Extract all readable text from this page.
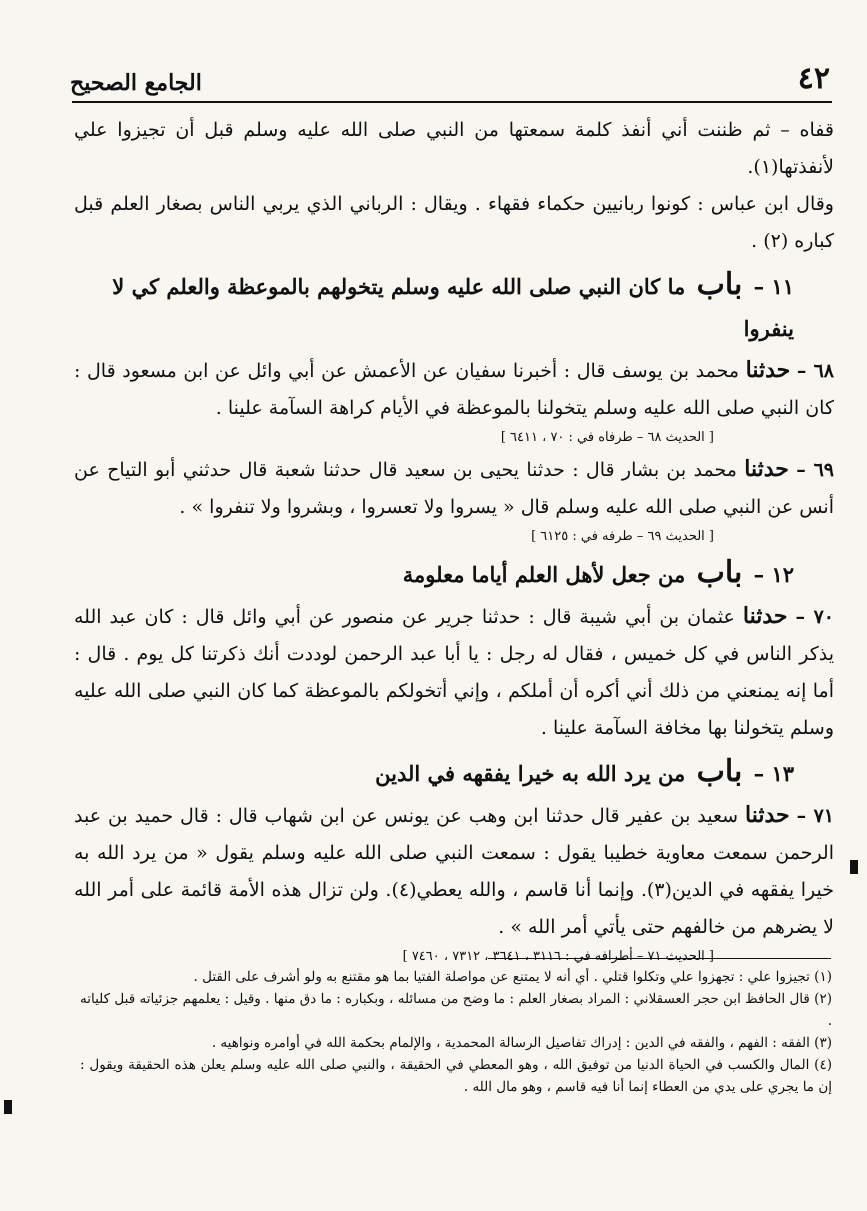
الجامع الصحيح	٤٢

قفاه – ثم ظننت أني أنفذ كلمة سمعتها من النبي صلى الله عليه وسلم قبل أن تجيزوا علي لأنفذتها(١).

وقال ابن عباس : كونوا ربانيين حكماء فقهاء . ويقال : الرباني الذي يربي الناس بصغار العلم قبل كباره (٢) .

١١ – باب ما كان النبي صلى الله عليه وسلم يتخولهم بالموعظة والعلم كي لا ينفروا

٦٨ – حدثنا محمد بن يوسف قال : أخبرنا سفيان عن الأعمش عن أبي وائل عن ابن مسعود قال : كان النبي صلى الله عليه وسلم يتخولنا بالموعظة في الأيام كراهة السآمة علينا .

[ الحديث ٦٨ – طرفاه في : ٧٠ ، ٦٤١١ ]

٦٩ – حدثنا محمد بن بشار قال : حدثنا يحيى بن سعيد قال حدثنا شعبة قال حدثني أبو التياح عن أنس عن النبي صلى الله عليه وسلم قال « يسروا ولا تعسروا ، وبشروا ولا تنفروا » .

[ الحديث ٦٩ – طرفه في : ٦١٢٥ ]

١٢ – باب من جعل لأهل العلم أياما معلومة

٧٠ – حدثنا عثمان بن أبي شيبة قال : حدثنا جرير عن منصور عن أبي وائل قال : كان عبد الله يذكر الناس في كل خميس ، فقال له رجل : يا أبا عبد الرحمن لوددت أنك ذكرتنا كل يوم . قال : أما إنه يمنعني من ذلك أني أكره أن أملكم ، وإني أتخولكم بالموعظة كما كان النبي صلى الله عليه وسلم يتخولنا بها مخافة السآمة علينا .

١٣ – باب من يرد الله به خيرا يفقهه في الدين

٧١ – حدثنا سعيد بن عفير قال حدثنا ابن وهب عن يونس عن ابن شهاب قال : قال حميد بن عبد الرحمن سمعت معاوية خطيبا يقول : سمعت النبي صلى الله عليه وسلم يقول « من يرد الله به خيرا يفقهه في الدين(٣). وإنما أنا قاسم ، والله يعطي(٤). ولن تزال هذه الأمة قائمة على أمر الله لا يضرهم من خالفهم حتى يأتي أمر الله » .

[ الحديث ٧١ – أطرافه في : ٣١١٦ ، ٣٦٤١ ، ٧٣١٢ ، ٧٤٦٠ ]

(١) تجيزوا علي : تجهزوا علي وتكلوا قتلي . أي أنه لا يمتنع عن مواصلة الفتيا بما هو مقتنع به ولو أشرف على القتل .

(٢) قال الحافظ ابن حجر العسقلاني : المراد بصغار العلم : ما وضح من مسائله ، وبكباره : ما دق منها . وقيل : يعلمهم جزئياته قبل كلياته .

(٣) الفقه : الفهم ، والفقه في الدين : إدراك تفاصيل الرسالة المحمدية ، والإلمام بحكمة الله في أوامره ونواهيه .

(٤) المال والكسب في الحياة الدنيا من توفيق الله ، وهو المعطي في الحقيقة ، والنبي صلى الله عليه وسلم يعلن هذه الحقيقة ويقول : إن ما يجري على يدي من العطاء إنما أنا فيه قاسم ، وهو مال الله .
